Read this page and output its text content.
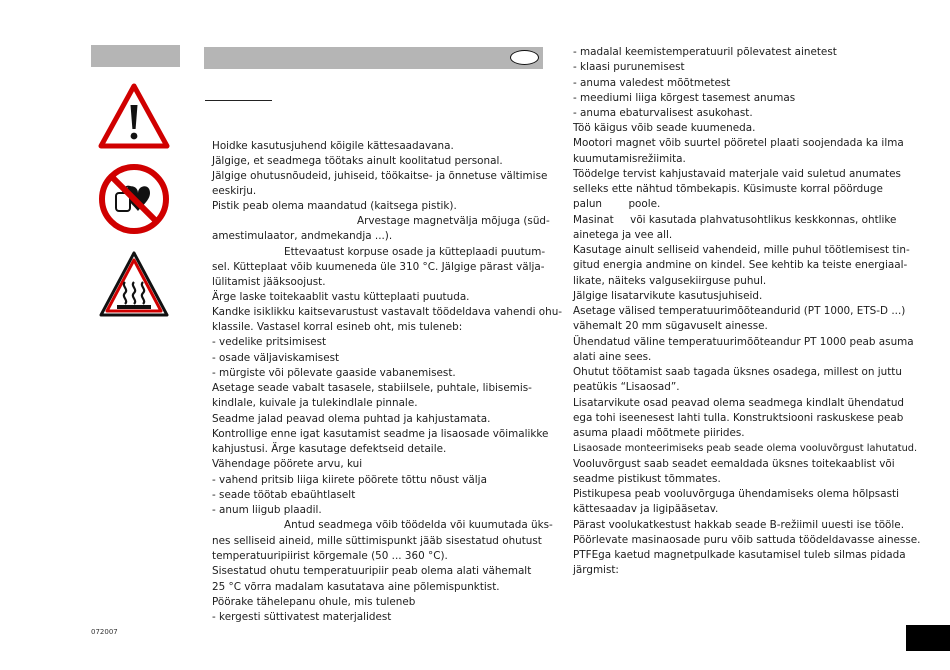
Hoidke kasutusjuhend kõigile kättesaadavana.
Jälgige, et seadmega töötaks ainult koolitatud personal.
Jälgige ohutusnõudeid, juhiseid, töökaitse- ja õnnetuse vältimise
eeskirju.
Pistik peab olema maandatud (kaitsega pistik).
Arvestage magnetvälja mõjuga (süd-
amestimulaator, andmekandja ...).
Ettevaatust korpuse osade ja kütteplaadi puutum-
sel. Kütteplaat võib kuumeneda üle 310 °C. Jälgige pärast välja-
lülitamist jääksoojust.
Ärge laske toitekaablit vastu kütteplaati puutuda.
Kandke isiklikku kaitsevarustust vastavalt töödeldava vahendi ohu-
klassile. Vastasel korral esineb oht, mis tuleneb:
- vedelike pritsimisest
- osade väljaviskamisest
- mürgiste või põlevate gaaside vabanemisest.
Asetage seade vabalt tasasele, stabiilsele, puhtale, libisemis-
kindlale, kuivale ja tulekindlale pinnale.
Seadme jalad peavad olema puhtad ja kahjustamata.
Kontrollige enne igat kasutamist seadme ja lisaosade võimalikke
kahjustusi. Ärge kasutage defektseid detaile.
Vähendage pöörete arvu, kui
- vahend pritsib liiga kiirete pöörete tõttu nõust välja
- seade töötab ebaühtlaselt
- anum liigub plaadil.
Antud seadmega võib töödelda või kuumutada üks-
nes selliseid aineid, mille süttimispunkt jääb sisestatud ohutust
temperatuuripiirist kõrgemale (50 ... 360 °C).
Sisestatud ohutu temperatuuripiir peab olema alati vähemalt
25 °C võrra madalam kasutatava aine põlemispunktist.
Pöörake tähelepanu ohule, mis tuleneb
- kergesti süttivatest materjalidest
- madalal keemistemperatuuril põlevatest ainetest
- klaasi purunemisest
- anuma valedest mõõtmetest
- meediumi liiga kõrgest tasemest anumas
- anuma ebaturvalisest asukohast.
Töö käigus võib seade kuumeneda.
Mootori magnet võib suurtel pööretel plaati soojendada ka ilma
kuumutamisrežiimita.
Töödelge tervist kahjustavaid materjale vaid suletud anumates
selleks ette nähtud tõmbekapis. Küsimuste korral pöörduge
palun        poole.
Masinat     või kasutada plahvatusohtlikus keskkonnas, ohtlike
ainetega ja vee all.
Kasutage ainult selliseid vahendeid, mille puhul töötlemisest tin-
gitud energia andmine on kindel. See kehtib ka teiste energiaal-
likate, näiteks valgusekiirguse puhul.
Jälgige lisatarvikute kasutusjuhiseid.
Asetage välised temperatuurimõõteandurid (PT 1000, ETS-D ...)
vähemalt 20 mm sügavuselt ainesse.
Ühendatud väline temperatuurimõõteandur PT 1000 peab asuma
alati aine sees.
Ohutut töötamist saab tagada üksnes osadega, millest on juttu
peatükis “Lisaosad”.
Lisatarvikute osad peavad olema seadmega kindlalt ühendatud
ega tohi iseenesest lahti tulla. Konstruktsiooni raskuskese peab
asuma plaadi mõõtmete piirides.
Lisaosade monteerimiseks peab seade olema vooluvõrgust lahutatud.
Vooluvõrgust saab seadet eemaldada üksnes toitekaablist või
seadme pistikust tõmmates.
Pistikupesa peab vooluvõrguga ühendamiseks olema hõlpsasti
kättesaadav ja ligipääsetav.
Pärast voolukatkestust hakkab seade B-režiimil uuesti ise tööle.
Pöörlevate masinaosade puru võib sattuda töödeldavasse ainesse.
PTFEga kaetud magnetpulkade kasutamisel tuleb silmas pidada
järgmist:
072007
